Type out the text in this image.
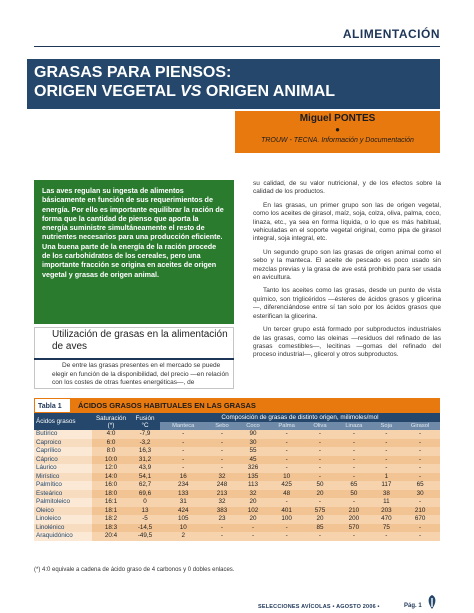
ALIMENTACIÓN
GRASAS PARA PIENSOS:
ORIGEN VEGETAL VS ORIGEN ANIMAL
Miguel PONTES
●
TROUW - TECNA. Información y Documentación
Las aves regulan su ingesta de alimentos básicamente en función de sus requerimientos de energía. Por ello es importante equilibrar la ración de forma que la cantidad de pienso que aporta la energía suministre simultáneamente el resto de nutrientes necesarios para una producción eficiente. Una buena parte de la energía de la ración procede de los carbohidratos de los cereales, pero una importante fracción se origina en aceites de origen vegetal y grasas de origen animal.
Utilización de grasas en la alimentación de aves
De entre las grasas presentes en el mercado se puede elegir en función de la disponibilidad, del precio —en relación con los costes de otras fuentes energéticas—, de

su calidad, de su valor nutricional, y de los efectos sobre la calidad de los productos.

En las grasas, un primer grupo son las de origen vegetal, como los aceites de girasol, maíz, soja, colza, oliva, palma, coco, linaza, etc., ya sea en forma líquida, o lo que es más habitual, vehiculadas en el soporte vegetal original, como pipa de girasol integral, soja integral, etc.

Un segundo grupo son las grasas de origen animal como el sebo y la manteca. El aceite de pescado es poco usado sin mezclas previas y la grasa de ave está prohibido para ser usada en avicultura.

Tanto los aceites como las grasas, desde un punto de vista químico, son triglicéridos —ésteres de ácidos grasos y glicerina—, diferenciándose entre sí tan solo por los ácidos grasos que esterifican la glicerina.

Un tercer grupo está formado por subproductos industriales de las grasas, como las oleinas —residuos del refinado de las grasas comestibles—, lecitinas —gomas del refinado del proceso industrial—, glicerol y otros subproductos.

Tabla 1	ÁCIDOS GRASOS HABITUALES EN LAS GRASAS
Ácidos grasos	Saturación (*)	Fusión °C	Composición de grasas de distinto origen, milimoles/mol							
			Manteca	Sebo	Coco	Palma	Oliva	Linaza	Soja	Girasol
Butírico	4:0	-7,9	-	-	90	-	-	-	-	-
Caproico	6:0	-3,2	-	-	30	-	-	-	-	-
Caprílico	8:0	16,3	-	-	55	-	-	-	-	-
Cáprico	10:0	31,2	-	-	45	-	-	-	-	-
Láurico	12:0	43,9	-	-	326	-	-	-	-	-
Mirístico	14:0	54,1	16	32	135	10	-	-	1	-
Palmítico	16:0	62,7	234	248	113	425	50	65	117	65
Esteárico	18:0	69,6	133	213	32	48	20	50	38	30
Palmitoleico	16:1	0	31	32	20	-	-	-	11	-
Oleico	18:1	13	424	383	102	401	575	210	203	210
Linoleico	18:2	-5	105	23	20	100	20	200	470	670
Linolénico	18:3	-14,5	10	-	-	-	85	570	75	-
Araquidónico	20:4	-49,5	2	-	-	-	-	-	-	-
(*) 4:0 equivale a cadena de ácido graso de 4 carbonos y 0 dobles enlaces.
SELECCIONES AVÍCOLAS • AGOSTO 2006 •	Pág. 1
